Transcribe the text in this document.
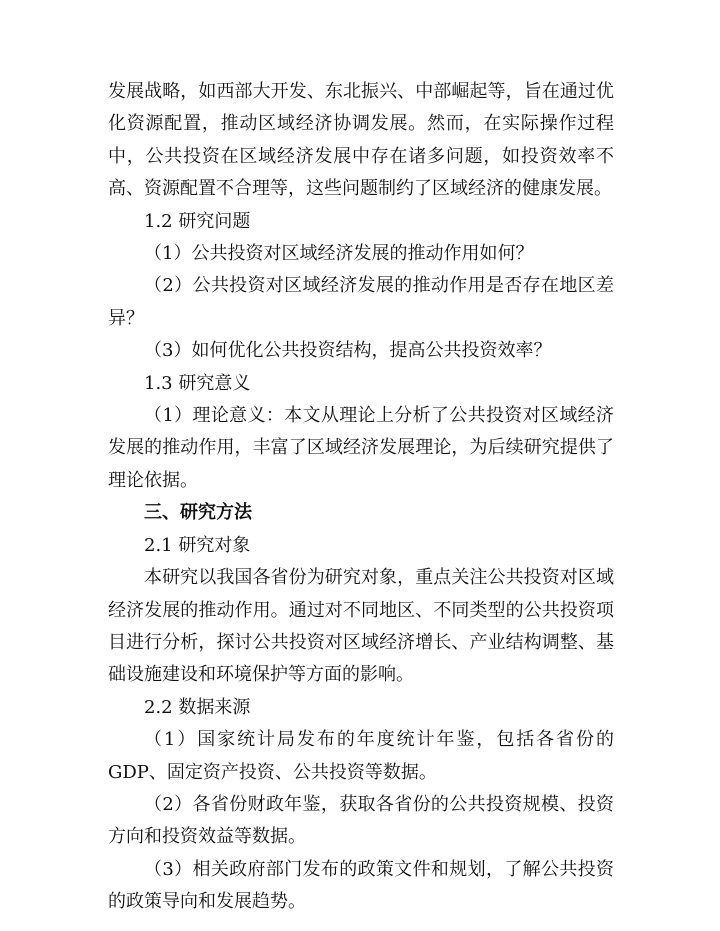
发展战略，如西部大开发、东北振兴、中部崛起等，旨在通过优化资源配置，推动区域经济协调发展。然而，在实际操作过程中，公共投资在区域经济发展中存在诸多问题，如投资效率不高、资源配置不合理等，这些问题制约了区域经济的健康发展。

1.2 研究问题

（1）公共投资对区域经济发展的推动作用如何？

（2）公共投资对区域经济发展的推动作用是否存在地区差异？

（3）如何优化公共投资结构，提高公共投资效率？

1.3 研究意义

（1）理论意义：本文从理论上分析了公共投资对区域经济发展的推动作用，丰富了区域经济发展理论，为后续研究提供了理论依据。

三、研究方法

2.1 研究对象

本研究以我国各省份为研究对象，重点关注公共投资对区域经济发展的推动作用。通过对不同地区、不同类型的公共投资项目进行分析，探讨公共投资对区域经济增长、产业结构调整、基础设施建设和环境保护等方面的影响。

2.2 数据来源

（1）国家统计局发布的年度统计年鉴，包括各省份的GDP、固定资产投资、公共投资等数据。

（2）各省份财政年鉴，获取各省份的公共投资规模、投资方向和投资效益等数据。

（3）相关政府部门发布的政策文件和规划，了解公共投资的政策导向和发展趋势。
